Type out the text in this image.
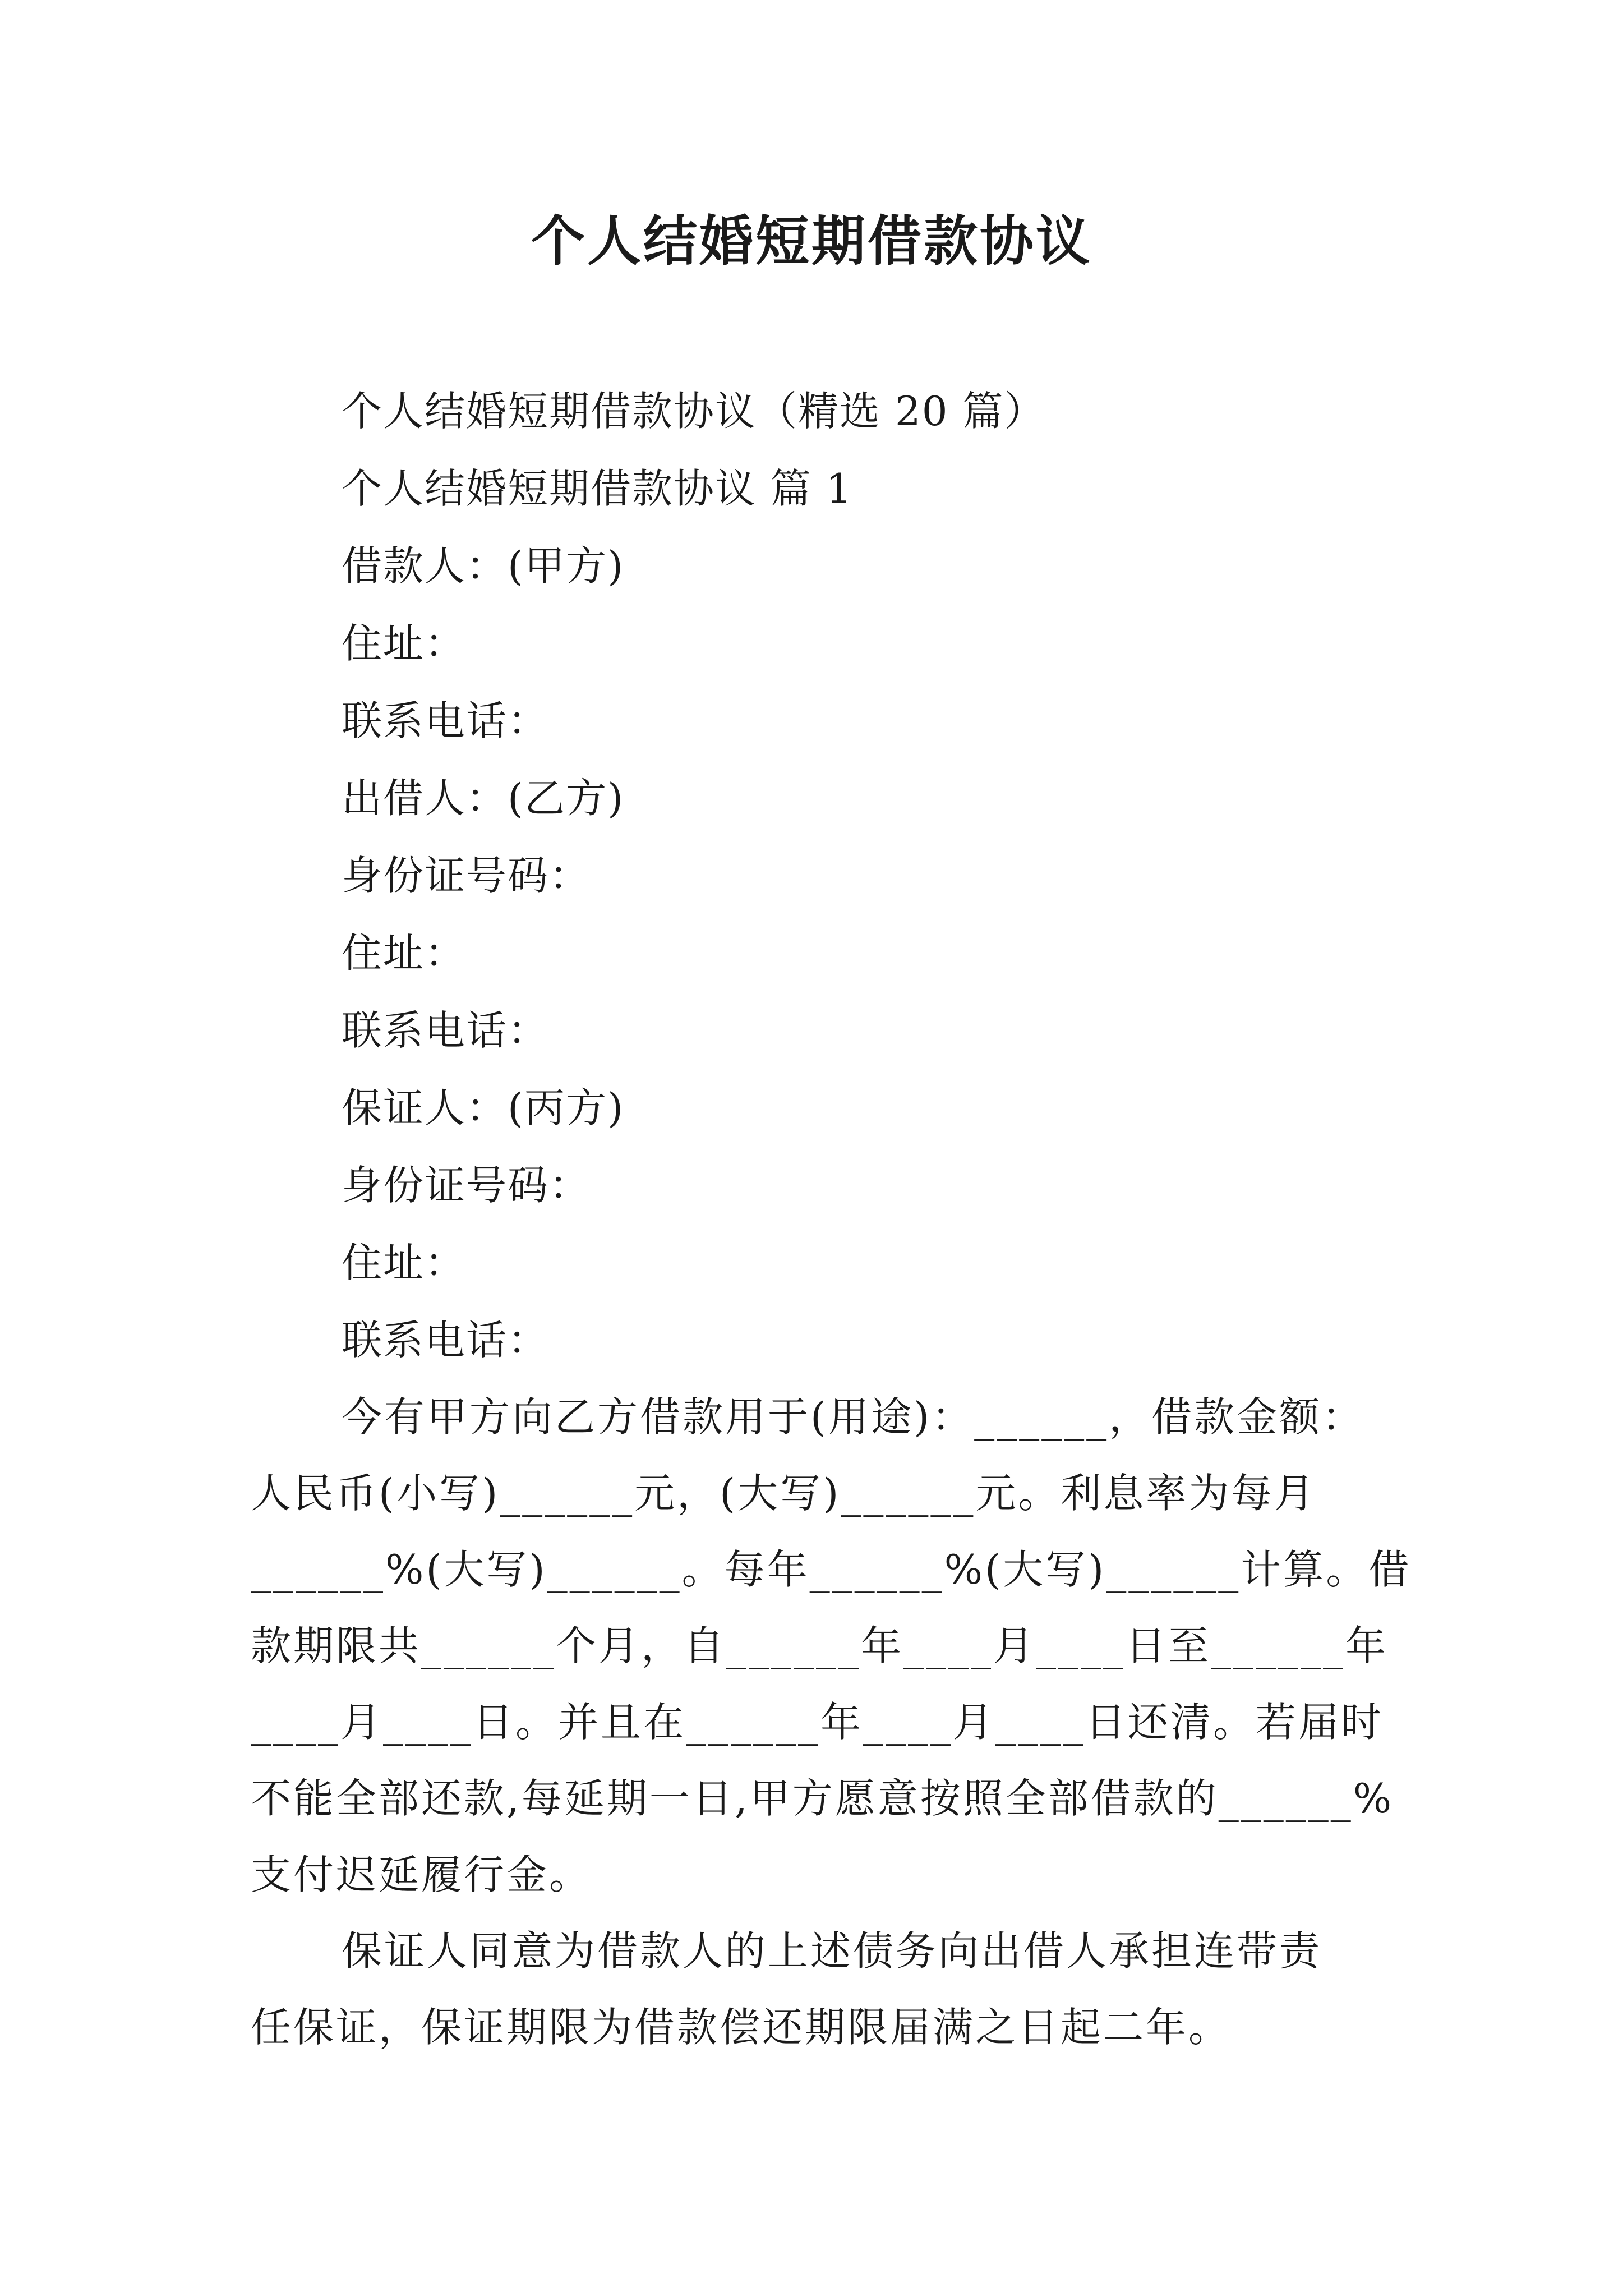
个人结婚短期借款协议
个人结婚短期借款协议（精选 20 篇）
个人结婚短期借款协议 篇 1
借款人：(甲方)
住址：
联系电话：
出借人：(乙方)
身份证号码：
住址：
联系电话：
保证人：(丙方)
身份证号码：
住址：
联系电话：
今有甲方向乙方借款用于(用途)：______，借款金额：
人民币(小写)______元，(大写)______元。利息率为每月
______%(大写)______。每年______%(大写)______计算。借
款期限共______个月，自______年____月____日至______年
____月____日。并且在______年____月____日还清。若届时
不能全部还款,每延期一日,甲方愿意按照全部借款的______%
支付迟延履行金。
保证人同意为借款人的上述债务向出借人承担连带责
任保证，保证期限为借款偿还期限届满之日起二年。
